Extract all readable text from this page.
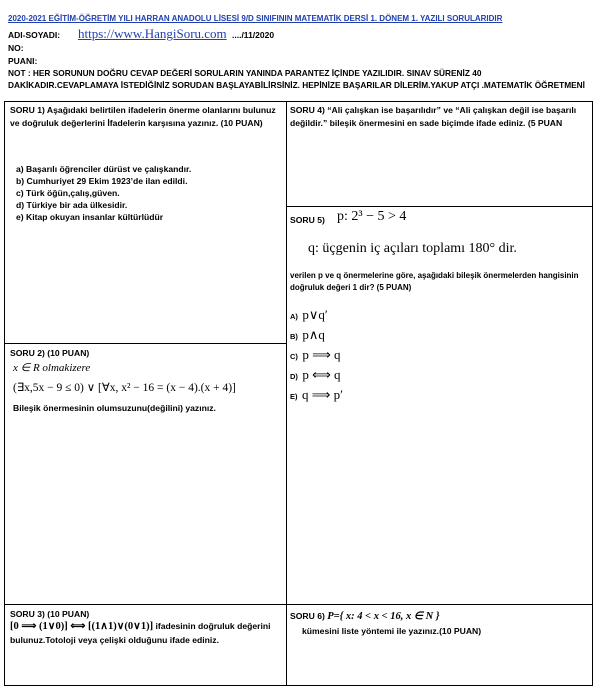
2020-2021 EĞİTİM-ÖĞRETİM YILI HARRAN ANADOLU LİSESİ 9/D SINIFININ MATEMATİK DERSİ 1. DÖNEM 1. YAZILI SORULARIDIR
ADI-SOYADI: https://www.HangiSoru.com ..../11/2020
NO:
PUANI:
NOT : HER SORUNUN DOĞRU CEVAP DEĞERİ SORULARIN YANINDA PARANTEZ İÇİNDE YAZILIDIR. SINAV SÜRENİZ 40 DAKİKADIR.CEVAPLAMAYA İSTEDİĞİNİZ SORUDAN BAŞLAYABİLİRSİNİZ. HEPİNİZE BAŞARILAR DİLERİM.YAKUP ATÇI .MATEMATİK ÖĞRETMENİ
SORU 1) Aşağıdaki belirtilen ifadelerin önerme olanlarını bulunuz ve doğruluk değerlerini İfadelerin karşısına yazınız. (10 PUAN)
a) Başarılı öğrenciler dürüst ve çalışkandır.
b) Cumhuriyet 29 Ekim 1923’de ilan edildi.
c) Türk öğün,çalış,güven.
d) Türkiye bir ada ülkesidir.
e) Kitap okuyan insanlar kültürlüdür
SORU 2) (10 PUAN)
x ∈ R olmakizere
(∃x,5x − 9 ≤ 0) ∨ [∀x, x² − 16 = (x − 4).(x + 4)]
Bileşik önermesinin olumsuzunu(değilini) yazınız.
SORU 3) (10 PUAN)
[0 ⟹ (1∨0)] ⟺ [(1∧1)∨(0∨1)] ifadesinin doğruluk değerini bulunuz.Totoloji veya çelişki olduğunu ifade ediniz.
SORU 4) “Ali çalışkan ise başarılıdır” ve “Ali çalışkan değil ise başarılı değildir.” bileşik önermesini en sade biçimde ifade ediniz. (5 PUAN
SORU 5) p: 2³ − 5 > 4
q: üçgenin iç açıları toplamı 180° dir.
verilen p ve q önermelerine göre, aşağıdaki bileşik önermelerden hangisinin doğruluk değeri 1 dir? (5 PUAN)
A) p∨q′
B) p∧q
C) p ⟹ q
D) p ⟺ q
E) q ⟹ p′
SORU 6) P={ x: 4 < x < 16, x ∈ N }
kümesini liste yöntemi ile yazınız.(10 PUAN)
